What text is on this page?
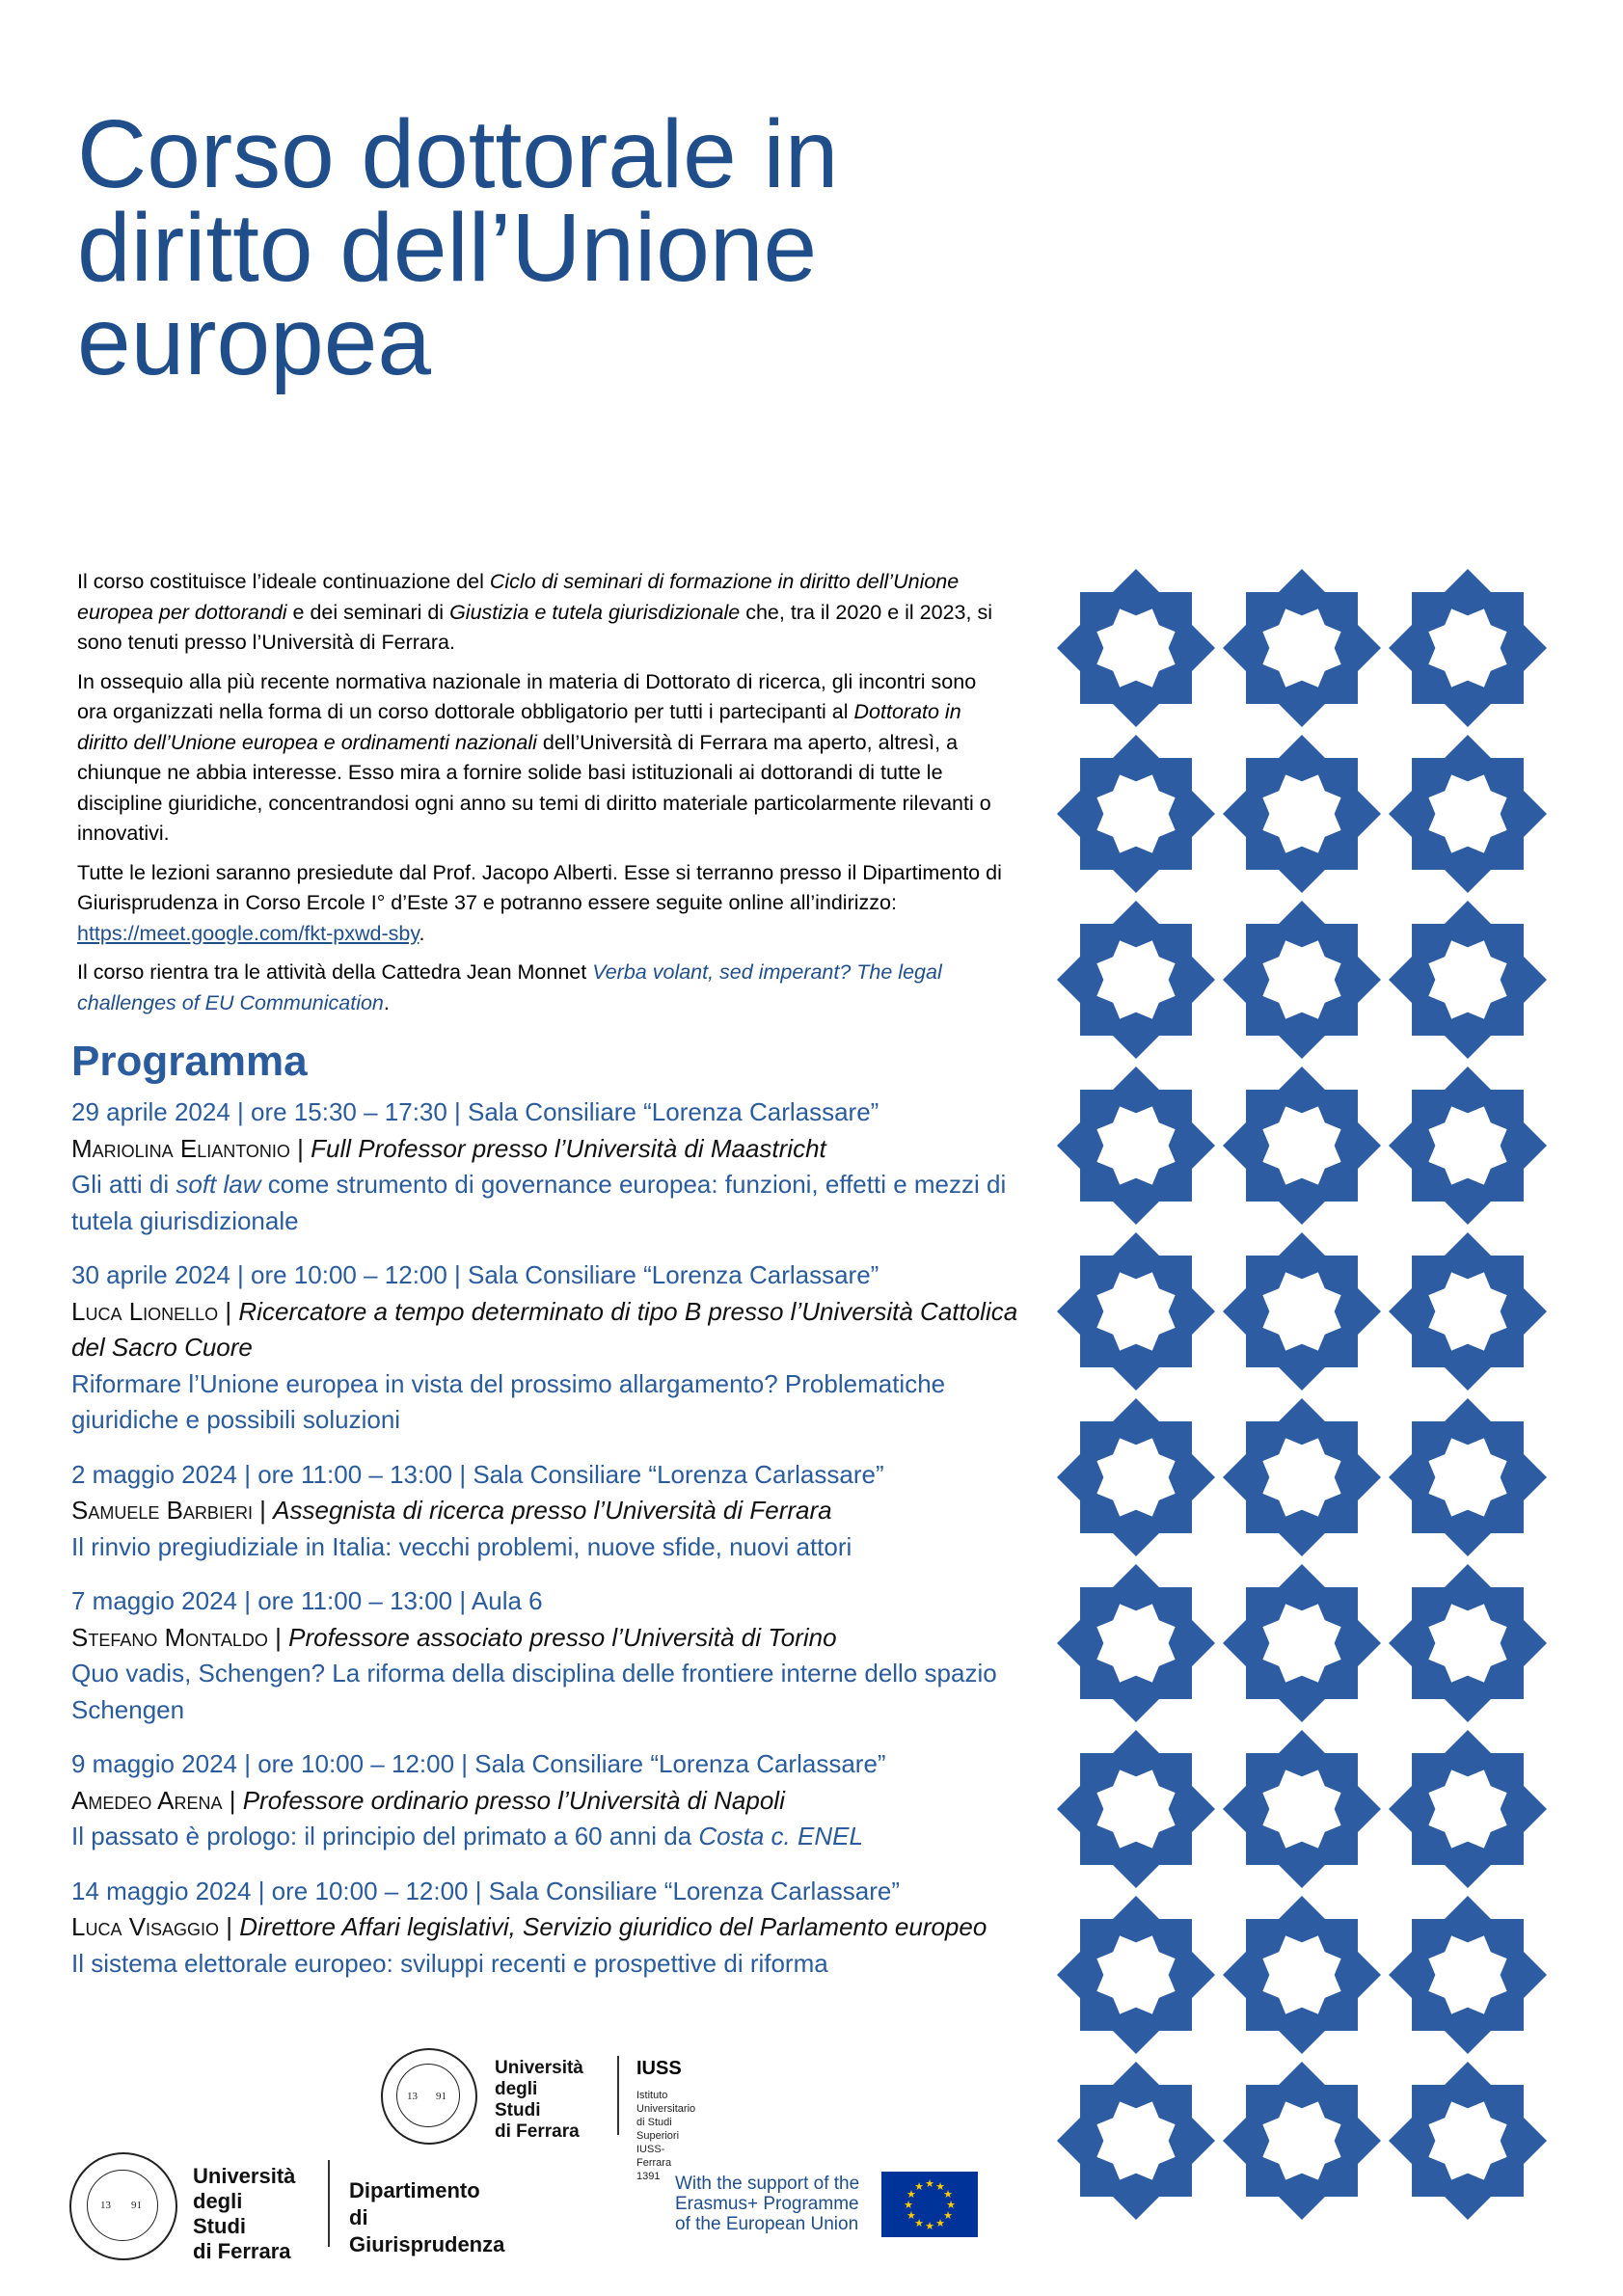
Corso dottorale in
diritto dell’Unione
europea

Il corso costituisce l’ideale continuazione del Ciclo di seminari di formazione in diritto dell’Unione europea per dottorandi e dei seminari di Giustizia e tutela giurisdizionale che, tra il 2020 e il 2023, si sono tenuti presso l’Università di Ferrara.

In ossequio alla più recente normativa nazionale in materia di Dottorato di ricerca, gli incontri sono ora organizzati nella forma di un corso dottorale obbligatorio per tutti i partecipanti al Dottorato in diritto dell’Unione europea e ordinamenti nazionali dell’Università di Ferrara ma aperto, altresì, a chiunque ne abbia interesse. Esso mira a fornire solide basi istituzionali ai dottorandi di tutte le discipline giuridiche, concentrandosi ogni anno su temi di diritto materiale particolarmente rilevanti o innovativi.

Tutte le lezioni saranno presiedute dal Prof. Jacopo Alberti. Esse si terranno presso il Dipartimento di Giurisprudenza in Corso Ercole I° d’Este 37 e potranno essere seguite online all’indirizzo: https://meet.google.com/fkt-pxwd-sby.

Il corso rientra tra le attività della Cattedra Jean Monnet Verba volant, sed imperant? The legal challenges of EU Communication.

Programma
29 aprile 2024 | ore 15:30 – 17:30 | Sala Consiliare “Lorenza Carlassare”
Mariolina Eliantonio | Full Professor presso l’Università di Maastricht
Gli atti di soft law come strumento di governance europea: funzioni, effetti e mezzi di tutela giurisdizionale
30 aprile 2024 | ore 10:00 – 12:00 | Sala Consiliare “Lorenza Carlassare”
Luca Lionello | Ricercatore a tempo determinato di tipo B presso l’Università Cattolica del Sacro Cuore
Riformare l’Unione europea in vista del prossimo allargamento? Problematiche giuridiche e possibili soluzioni
2 maggio 2024 | ore 11:00 – 13:00 | Sala Consiliare “Lorenza Carlassare”
Samuele Barbieri | Assegnista di ricerca presso l’Università di Ferrara
Il rinvio pregiudiziale in Italia: vecchi problemi, nuove sfide, nuovi attori
7 maggio 2024 | ore 11:00 – 13:00 | Aula 6
Stefano Montaldo | Professore associato presso l’Università di Torino
Quo vadis, Schengen? La riforma della disciplina delle frontiere interne dello spazio Schengen
9 maggio 2024 | ore 10:00 – 12:00 | Sala Consiliare “Lorenza Carlassare”
Amedeo Arena | Professore ordinario presso l’Università di Napoli
Il passato è prologo: il principio del primato a 60 anni da Costa c. ENEL
14 maggio 2024 | ore 10:00 – 12:00 | Sala Consiliare “Lorenza Carlassare”
Luca Visaggio | Direttore Affari legislativi, Servizio giuridico del Parlamento europeo
Il sistema elettorale europeo: sviluppi recenti e prospettive di riforma
13 91
Università
degli Studi
di Ferrara
IUSS
Istituto Universitario
di Studi Superiori
IUSS-Ferrara 1391
13 91
Università
degli Studi
di Ferrara
Dipartimento
di Giurisprudenza
With the support of the
Erasmus+ Programme
of the European Union
★ ★
★
★
★
★
★
★
★
★
★
★
